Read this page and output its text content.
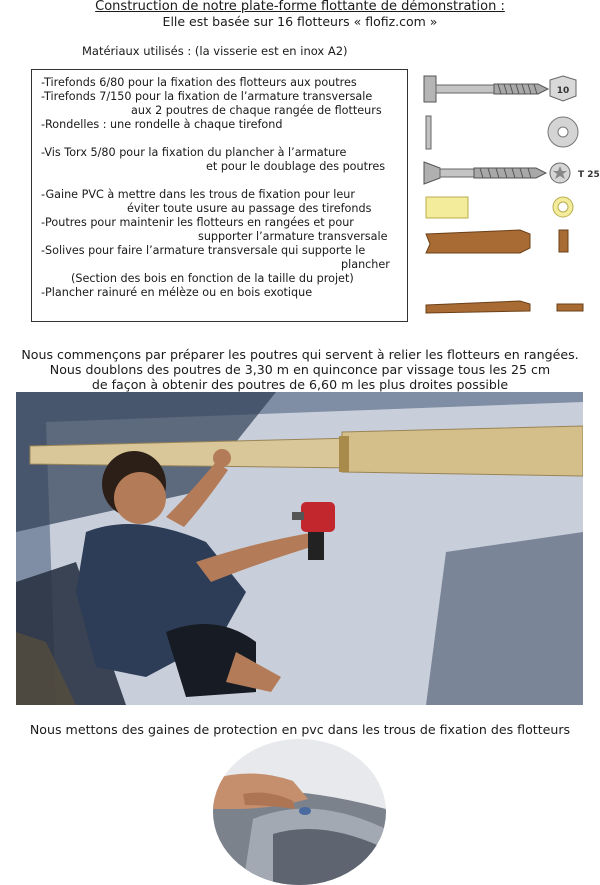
Construction de notre plate-forme flottante de démonstration :
Elle est basée sur 16 flotteurs « flofiz.com »
Matériaux utilisés : (la visserie est en inox A2)
-Tirefonds 6/80 pour la fixation des flotteurs aux poutres
-Tirefonds 7/150 pour la fixation de l’armature transversale
aux 2 poutres de chaque rangée de flotteurs
-Rondelles : une rondelle à chaque tirefond
-Vis Torx 5/80 pour la fixation du plancher à l’armature
et pour le doublage des poutres
-Gaine PVC à mettre dans les trous de fixation pour leur
éviter toute usure au passage des tirefonds
-Poutres pour maintenir les flotteurs en rangées et pour
supporter l’armature transversale
-Solives pour faire l’armature transversale qui supporte le
plancher
(Section des bois en fonction de la taille du projet)
-Plancher rainuré en mélèze ou en bois exotique
10
T 25
Nous commençons par préparer les poutres qui servent à relier les flotteurs en rangées.
Nous doublons des poutres de 3,30 m en quinconce par vissage tous les 25 cm
de façon à obtenir des poutres de 6,60 m les plus droites possible
Nous mettons des gaines de protection en pvc dans les trous de fixation des flotteurs
